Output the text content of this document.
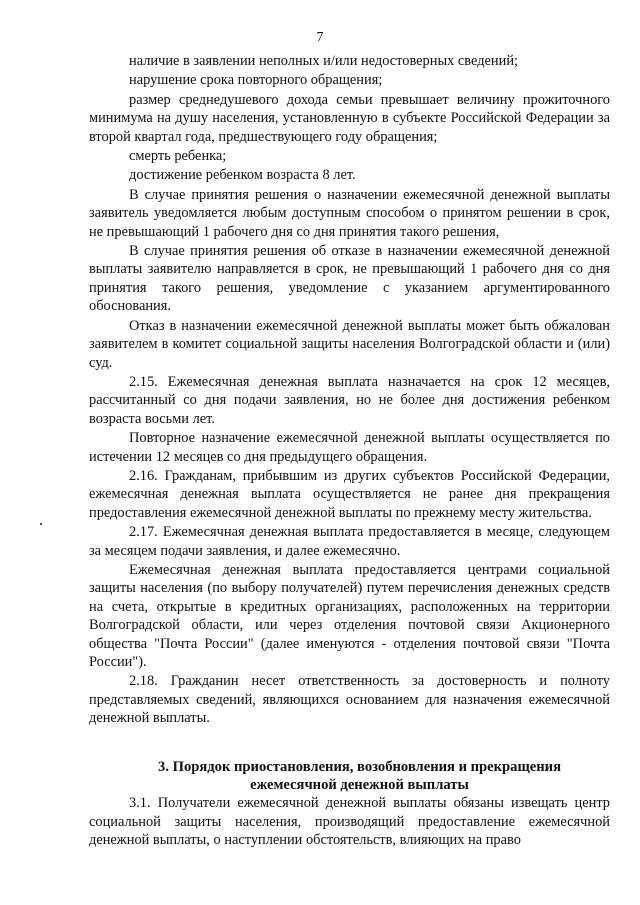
7

наличие в заявлении неполных и/или недостоверных сведений;

нарушение срока повторного обращения;

размер среднедушевого дохода семьи превышает величину прожиточного минимума на душу населения, установленную в субъекте Российской Федерации за второй квартал года, предшествующего году обращения;

смерть ребенка;

достижение ребенком возраста 8 лет.

В случае принятия решения о назначении ежемесячной денежной выплаты заявитель уведомляется любым доступным способом о принятом решении в срок, не превышающий 1 рабочего дня со дня принятия такого решения,

В случае принятия решения об отказе в назначении ежемесячной денежной выплаты заявителю направляется в срок, не превышающий 1 рабочего дня со дня принятия такого решения, уведомление с указанием аргументированного обоснования.

Отказ в назначении ежемесячной денежной выплаты может быть обжалован заявителем в комитет социальной защиты населения Волгоградской области и (или) суд.

2.15. Ежемесячная денежная выплата назначается на срок 12 месяцев, рассчитанный со дня подачи заявления, но не более дня достижения ребенком возраста восьми лет.

Повторное назначение ежемесячной денежной выплаты осуществляется по истечении 12 месяцев со дня предыдущего обращения.

2.16. Гражданам, прибывшим из других субъектов Российской Федерации, ежемесячная денежная выплата осуществляется не ранее дня прекращения предоставления ежемесячной денежной выплаты по прежнему месту жительства.

2.17. Ежемесячная денежная выплата предоставляется в месяце, следующем за месяцем подачи заявления, и далее ежемесячно.

Ежемесячная денежная выплата предоставляется центрами социальной защиты населения (по выбору получателей) путем перечисления денежных средств на счета, открытые в кредитных организациях, расположенных на территории Волгоградской области, или через отделения почтовой связи Акционерного общества "Почта России" (далее именуются - отделения почтовой связи "Почта России").

2.18. Гражданин несет ответственность за достоверность и полноту представляемых сведений, являющихся основанием для назначения ежемесячной денежной выплаты.

3. Порядок приостановления, возобновления и прекращения
ежемесячной денежной выплаты

3.1. Получатели ежемесячной денежной выплаты обязаны извещать центр социальной защиты населения, производящий предоставление ежемесячной денежной выплаты, о наступлении обстоятельств, влияющих на право
